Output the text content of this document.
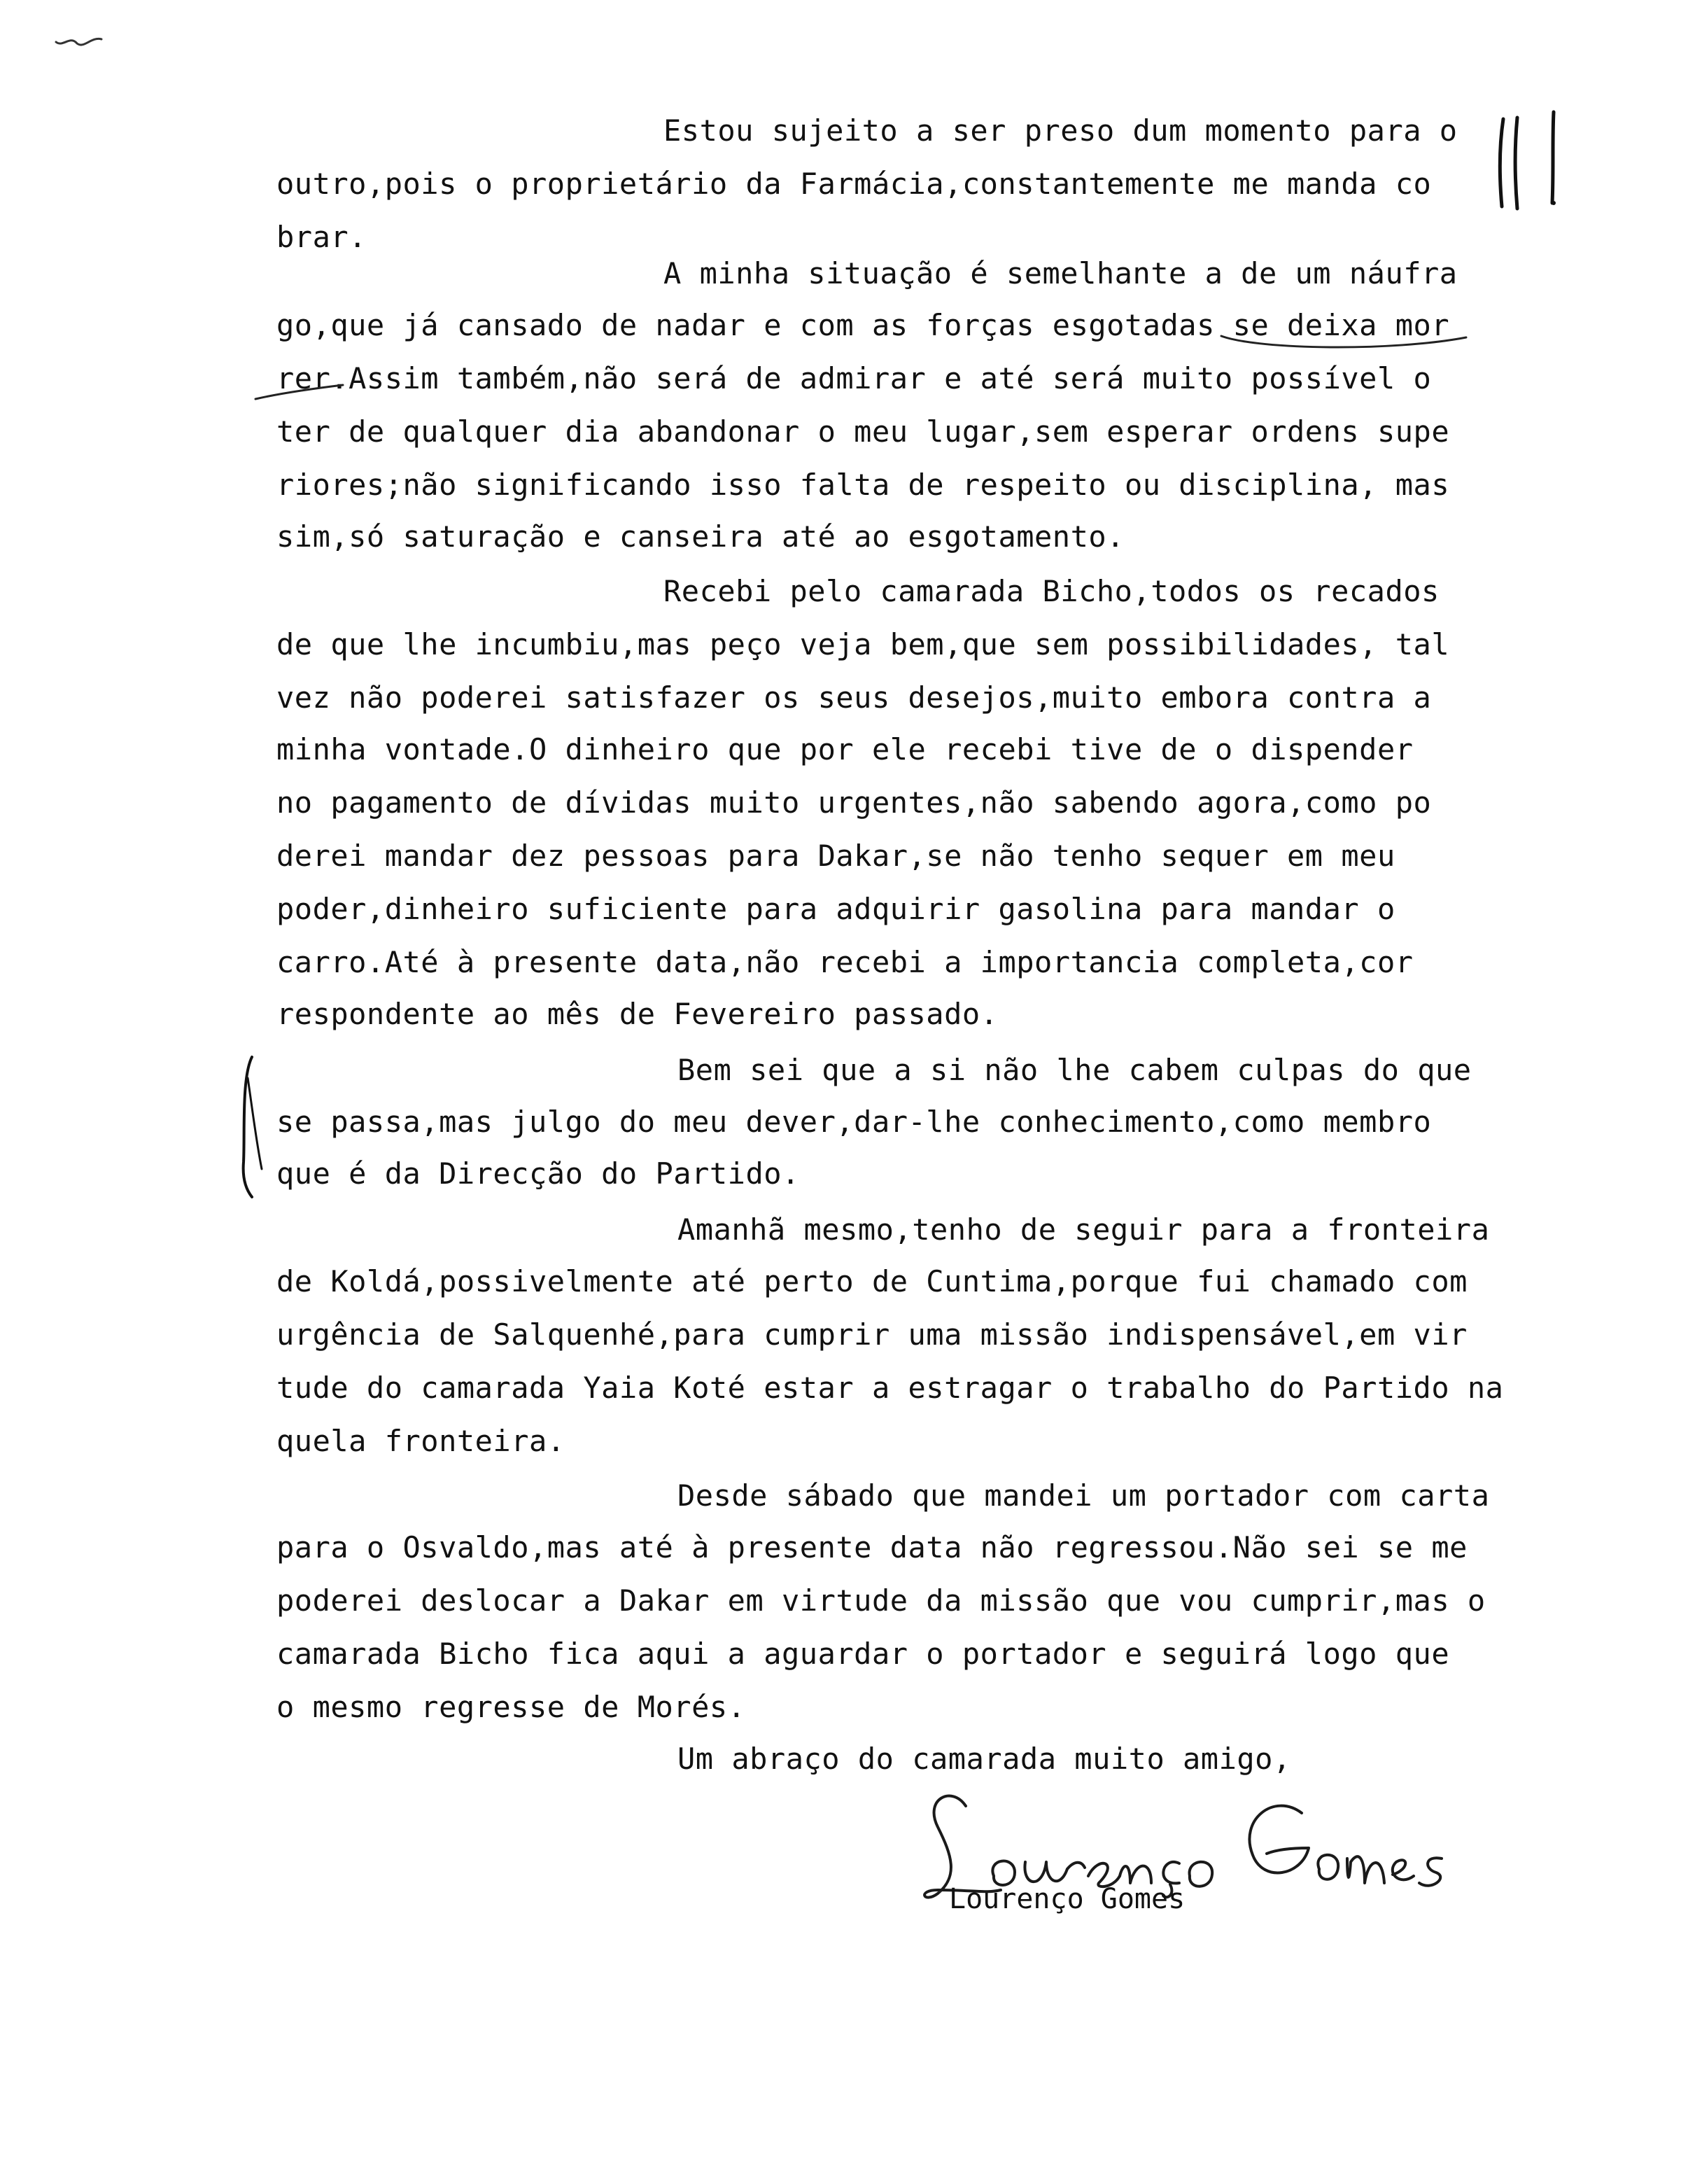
Estou sujeito a ser preso dum momento para o
outro,pois o proprietário da Farmácia,constantemente me manda co
brar.
A minha situação é semelhante a de um náufra
go,que já cansado de nadar e com as forças esgotadas se deixa mor
rer.Assim também,não será de admirar e até será muito possível o
ter de qualquer dia abandonar o meu lugar,sem esperar ordens supe
riores;não significando isso falta de respeito ou disciplina, mas
sim,só saturação e canseira até ao esgotamento.
Recebi pelo camarada Bicho,todos os recados
de que lhe incumbiu,mas peço veja bem,que sem possibilidades, tal
vez não poderei satisfazer os seus desejos,muito embora contra a
minha vontade.O dinheiro que por ele recebi tive de o dispender
no pagamento de dívidas muito urgentes,não sabendo agora,como po
derei mandar dez pessoas para Dakar,se não tenho sequer em meu
poder,dinheiro suficiente para adquirir gasolina para mandar o
carro.Até à presente data,não recebi a importancia completa,cor
respondente ao mês de Fevereiro passado.
Bem sei que a si não lhe cabem culpas do que
se passa,mas julgo do meu dever,dar-lhe conhecimento,como membro
que é da Direcção do Partido.
Amanhã mesmo,tenho de seguir para a fronteira
de Koldá,possivelmente até perto de Cuntima,porque fui chamado com
urgência de Salquenhé,para cumprir uma missão indispensável,em vir
tude do camarada Yaia Koté estar a estragar o trabalho do Partido na
quela fronteira.
Desde sábado que mandei um portador com carta
para o Osvaldo,mas até à presente data não regressou.Não sei se me
poderei deslocar a Dakar em virtude da missão que vou cumprir,mas o
camarada Bicho fica aqui a aguardar o portador e seguirá logo que
o mesmo regresse de Morés.
Um abraço do camarada muito amigo,
Lourenço Gomes
